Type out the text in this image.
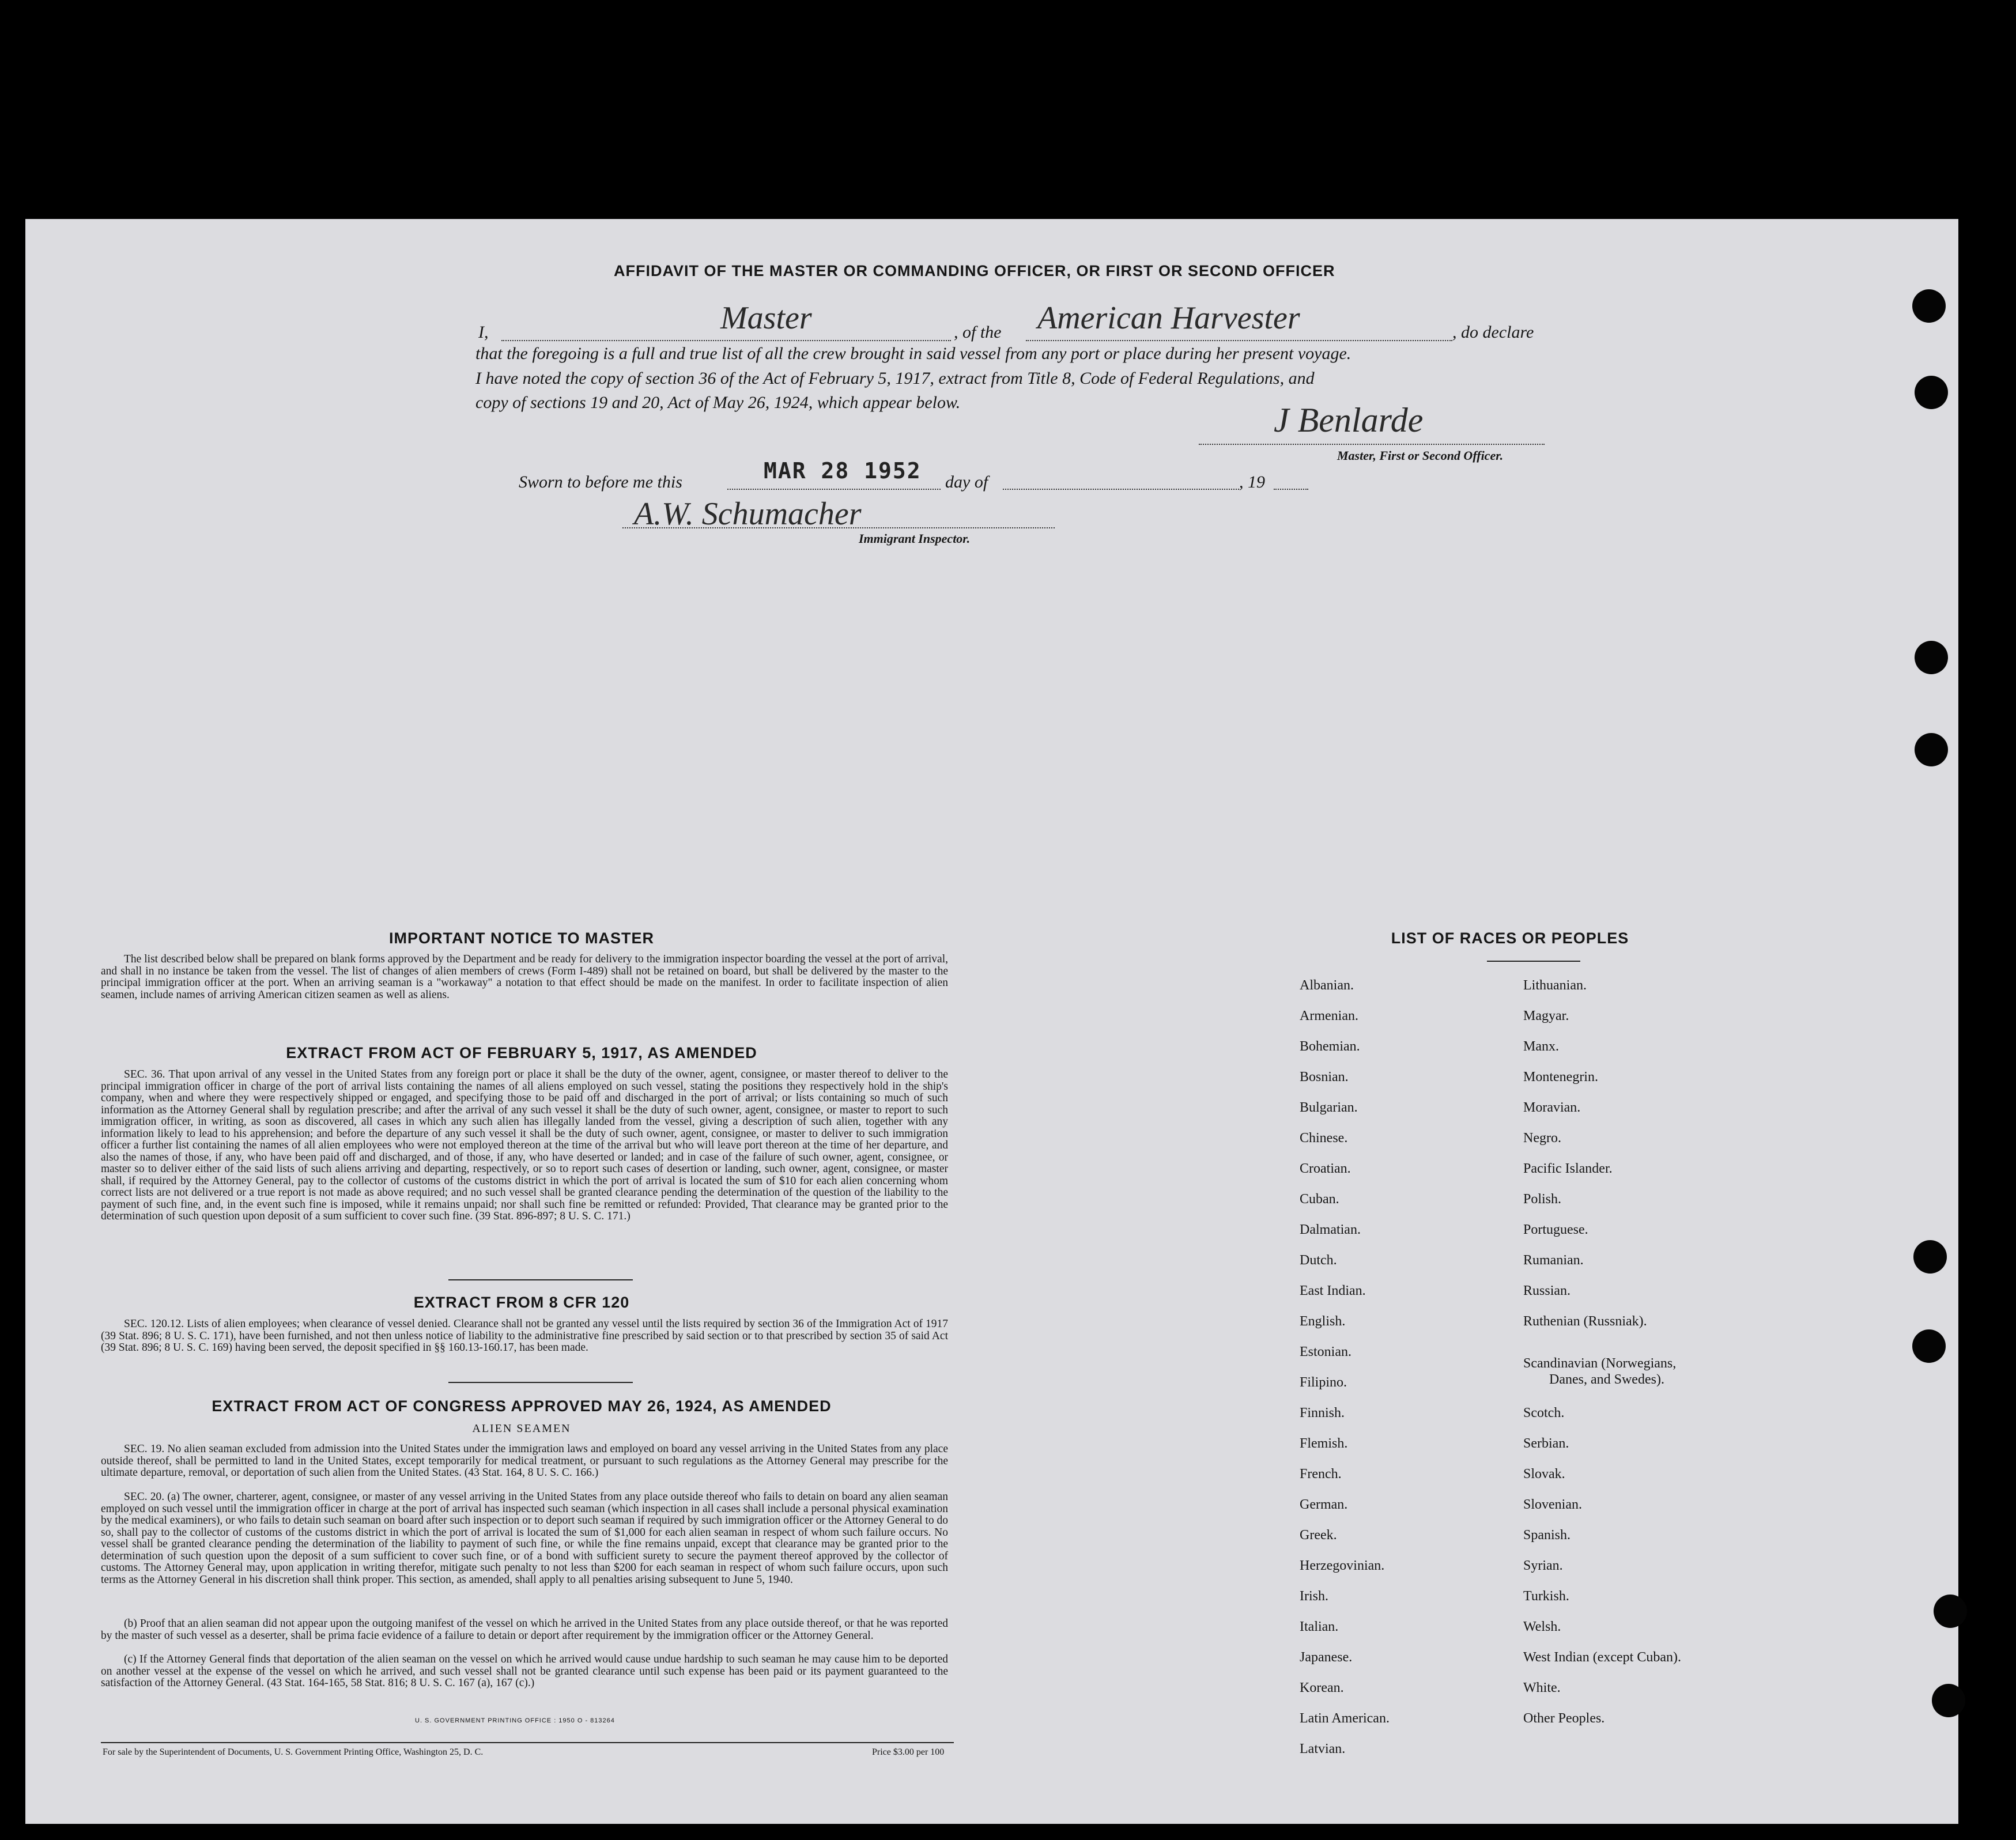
AFFIDAVIT OF THE MASTER OR COMMANDING OFFICER, OR FIRST OR SECOND OFFICER
I,	Master	, of the American Harvester	, do declare
that the foregoing is a full and true list of all the crew brought in said vessel from any port or place during her present voyage.
I have noted the copy of section 36 of the Act of February 5, 1917, extract from Title 8, Code of Federal Regulations, and
copy of sections 19 and 20, Act of May 26, 1924, which appear below.	J Benlarde
Master, First or Second Officer.
Sworn to before me this	MAR 28 1952 day of	, 19
A.W. Schumacher
Immigrant Inspector.
IMPORTANT NOTICE TO MASTER
The list described below shall be prepared on blank forms approved by the Department and be ready for delivery to the immigration inspector boarding the vessel at the port of arrival, and shall in no instance be taken from the vessel. The list of changes of alien members of crews (Form I-489) shall not be retained on board, but shall be delivered by the master to the principal immigration officer at the port. When an arriving seaman is a "workaway" a notation to that effect should be made on the manifest. In order to facilitate inspection of alien seamen, include names of arriving American citizen seamen as well as aliens.
EXTRACT FROM ACT OF FEBRUARY 5, 1917, AS AMENDED
SEC. 36. That upon arrival of any vessel in the United States from any foreign port or place it shall be the duty of the owner, agent, consignee, or master thereof to deliver to the principal immigration officer in charge of the port of arrival lists containing the names of all aliens employed on such vessel, stating the positions they respectively hold in the ship's company, when and where they were respectively shipped or engaged, and specifying those to be paid off and discharged in the port of arrival; or lists containing so much of such information as the Attorney General shall by regulation prescribe; and after the arrival of any such vessel it shall be the duty of such owner, agent, consignee, or master to report to such immigration officer, in writing, as soon as discovered, all cases in which any such alien has illegally landed from the vessel, giving a description of such alien, together with any information likely to lead to his apprehension; and before the departure of any such vessel it shall be the duty of such owner, agent, consignee, or master to deliver to such immigration officer a further list containing the names of all alien employees who were not employed thereon at the time of the arrival but who will leave port thereon at the time of her departure, and also the names of those, if any, who have been paid off and discharged, and of those, if any, who have deserted or landed; and in case of the failure of such owner, agent, consignee, or master so to deliver either of the said lists of such aliens arriving and departing, respectively, or so to report such cases of desertion or landing, such owner, agent, consignee, or master shall, if required by the Attorney General, pay to the collector of customs of the customs district in which the port of arrival is located the sum of $10 for each alien concerning whom correct lists are not delivered or a true report is not made as above required; and no such vessel shall be granted clearance pending the determination of the question of the liability to the payment of such fine, and, in the event such fine is imposed, while it remains unpaid; nor shall such fine be remitted or refunded: Provided, That clearance may be granted prior to the determination of such question upon deposit of a sum sufficient to cover such fine. (39 Stat. 896-897; 8 U. S. C. 171.)
EXTRACT FROM 8 CFR 120
SEC. 120.12. Lists of alien employees; when clearance of vessel denied. Clearance shall not be granted any vessel until the lists required by section 36 of the Immigration Act of 1917 (39 Stat. 896; 8 U. S. C. 171), have been furnished, and not then unless notice of liability to the administrative fine prescribed by said section or to that prescribed by section 35 of said Act (39 Stat. 896; 8 U. S. C. 169) having been served, the deposit specified in §§ 160.13-160.17, has been made.
EXTRACT FROM ACT OF CONGRESS APPROVED MAY 26, 1924, AS AMENDED
ALIEN SEAMEN
SEC. 19. No alien seaman excluded from admission into the United States under the immigration laws and employed on board any vessel arriving in the United States from any place outside thereof, shall be permitted to land in the United States, except temporarily for medical treatment, or pursuant to such regulations as the Attorney General may prescribe for the ultimate departure, removal, or deportation of such alien from the United States. (43 Stat. 164, 8 U. S. C. 166.)
SEC. 20. (a) The owner, charterer, agent, consignee, or master of any vessel arriving in the United States from any place outside thereof who fails to detain on board any alien seaman employed on such vessel until the immigration officer in charge at the port of arrival has inspected such seaman (which inspection in all cases shall include a personal physical examination by the medical examiners), or who fails to detain such seaman on board after such inspection or to deport such seaman if required by such immigration officer or the Attorney General to do so, shall pay to the collector of customs of the customs district in which the port of arrival is located the sum of $1,000 for each alien seaman in respect of whom such failure occurs. No vessel shall be granted clearance pending the determination of the liability to payment of such fine, or while the fine remains unpaid, except that clearance may be granted prior to the determination of such question upon the deposit of a sum sufficient to cover such fine, or of a bond with sufficient surety to secure the payment thereof approved by the collector of customs. The Attorney General may, upon application in writing therefor, mitigate such penalty to not less than $200 for each seaman in respect of whom such failure occurs, upon such terms as the Attorney General in his discretion shall think proper. This section, as amended, shall apply to all penalties arising subsequent to June 5, 1940.
(b) Proof that an alien seaman did not appear upon the outgoing manifest of the vessel on which he arrived in the United States from any place outside thereof, or that he was reported by the master of such vessel as a deserter, shall be prima facie evidence of a failure to detain or deport after requirement by the immigration officer or the Attorney General.
(c) If the Attorney General finds that deportation of the alien seaman on the vessel on which he arrived would cause undue hardship to such seaman he may cause him to be deported on another vessel at the expense of the vessel on which he arrived, and such vessel shall not be granted clearance until such expense has been paid or its payment guaranteed to the satisfaction of the Attorney General. (43 Stat. 164-165, 58 Stat. 816; 8 U. S. C. 167 (a), 167 (c).)
U. S. GOVERNMENT PRINTING OFFICE : 1950 O - 813264
For sale by the Superintendent of Documents, U. S. Government Printing Office, Washington 25, D. C.	Price $3.00 per 100
LIST OF RACES OR PEOPLES
Albanian.
Armenian.
Bohemian.
Bosnian.
Bulgarian.
Chinese.
Croatian.
Cuban.
Dalmatian.
Dutch.
East Indian.
English.
Estonian.
Filipino.
Finnish.
Flemish.
French.
German.
Greek.
Herzegovinian.
Irish.
Italian.
Japanese.
Korean.
Latin American.
Latvian.
Lithuanian.
Magyar.
Manx.
Montenegrin.
Moravian.
Negro.
Pacific Islander.
Polish.
Portuguese.
Rumanian.
Russian.
Ruthenian (Russniak).
Scandinavian (Norwegians,
Danes, and Swedes).
Scotch.
Serbian.
Slovak.
Slovenian.
Spanish.
Syrian.
Turkish.
Welsh.
West Indian (except Cuban).
White.
Other Peoples.
